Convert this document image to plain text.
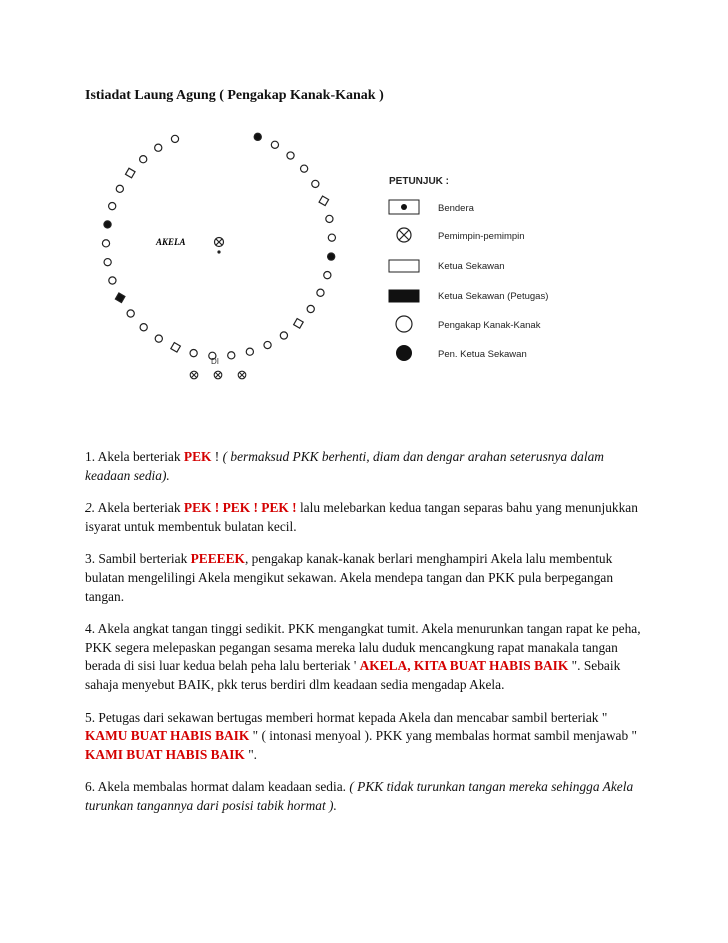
Istiadat Laung Agung ( Pengakap Kanak-Kanak )
AKELA
DI
PETUNJUK :
Bendera
Pemimpin-pemimpin
Ketua Sekawan
Ketua Sekawan (Petugas)
Pengakap Kanak-Kanak
Pen. Ketua Sekawan

1. Akela berteriak PEK ! ( bermaksud PKK berhenti, diam dan dengar arahan seterusnya dalam keadaan sedia).

2. Akela berteriak PEK ! PEK ! PEK ! lalu melebarkan kedua tangan separas bahu yang menunjukkan isyarat untuk membentuk bulatan kecil.

3. Sambil berteriak PEEEEK, pengakap kanak-kanak berlari menghampiri Akela lalu membentuk bulatan mengelilingi Akela mengikut sekawan. Akela mendepa tangan dan PKK pula berpegangan tangan.

4. Akela angkat tangan tinggi sedikit. PKK mengangkat tumit. Akela menurunkan tangan rapat ke peha, PKK segera melepaskan pegangan sesama mereka lalu duduk mencangkung rapat manakala tangan berada di sisi luar kedua belah peha lalu berteriak ' AKELA, KITA BUAT HABIS BAIK ". Sebaik sahaja menyebut BAIK, pkk terus berdiri dlm keadaan sedia mengadap Akela.

5. Petugas dari sekawan bertugas memberi hormat kepada Akela dan mencabar sambil berteriak " KAMU BUAT HABIS BAIK " ( intonasi menyoal ). PKK yang membalas hormat sambil menjawab " KAMI BUAT HABIS BAIK ".

6. Akela membalas hormat dalam keadaan sedia. ( PKK tidak turunkan tangan mereka sehingga Akela turunkan tangannya dari posisi tabik hormat ).
